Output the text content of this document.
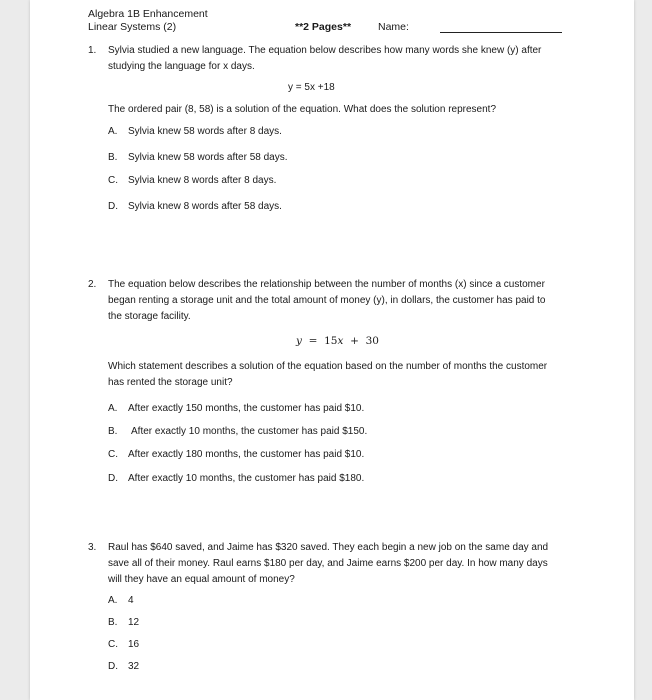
Algebra 1B Enhancement
Linear Systems (2)	**2 Pages**	Name:
1. Sylvia studied a new language. The equation below describes how many words she knew (y) after
studying the language for x days.
y = 5x +18
The ordered pair (8, 58) is a solution of the equation. What does the solution represent?
A. Sylvia knew 58 words after 8 days.
B. Sylvia knew 58 words after 58 days.
C. Sylvia knew 8 words after 8 days.
D. Sylvia knew 8 words after 58 days.
2. The equation below describes the relationship between the number of months (x) since a customer
began renting a storage unit and the total amount of money (y), in dollars, the customer has paid to
the storage facility.
y = 15x + 30
Which statement describes a solution of the equation based on the number of months the customer
has rented the storage unit?
A. After exactly 150 months, the customer has paid $10.
B. After exactly 10 months, the customer has paid $150.
C. After exactly 180 months, the customer has paid $10.
D. After exactly 10 months, the customer has paid $180.
3. Raul has $640 saved, and Jaime has $320 saved. They each begin a new job on the same day and
save all of their money. Raul earns $180 per day, and Jaime earns $200 per day. In how many days
will they have an equal amount of money?
A. 4
B. 12
C. 16
D. 32
